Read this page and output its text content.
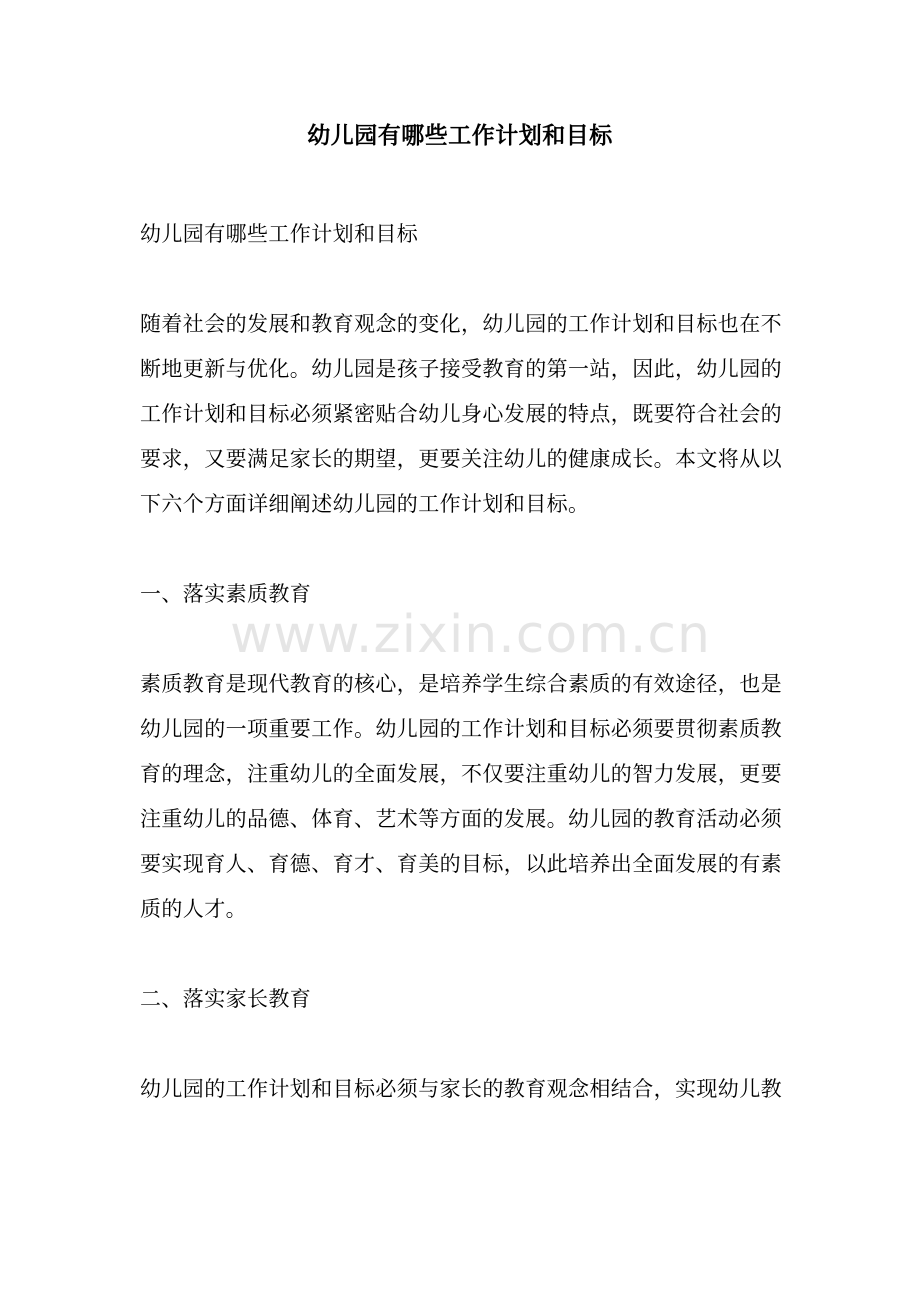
幼儿园有哪些工作计划和目标

幼儿园有哪些工作计划和目标

随着社会的发展和教育观念的变化，幼儿园的工作计划和目标也在不断地更新与优化。幼儿园是孩子接受教育的第一站，因此，幼儿园的工作计划和目标必须紧密贴合幼儿身心发展的特点，既要符合社会的要求，又要满足家长的期望，更要关注幼儿的健康成长。本文将从以下六个方面详细阐述幼儿园的工作计划和目标。

一、落实素质教育

素质教育是现代教育的核心，是培养学生综合素质的有效途径，也是幼儿园的一项重要工作。幼儿园的工作计划和目标必须要贯彻素质教育的理念，注重幼儿的全面发展，不仅要注重幼儿的智力发展，更要注重幼儿的品德、体育、艺术等方面的发展。幼儿园的教育活动必须要实现育人、育德、育才、育美的目标，以此培养出全面发展的有素质的人才。

二、落实家长教育

幼儿园的工作计划和目标必须与家长的教育观念相结合，实现幼儿教

www.zixin.com.cn
